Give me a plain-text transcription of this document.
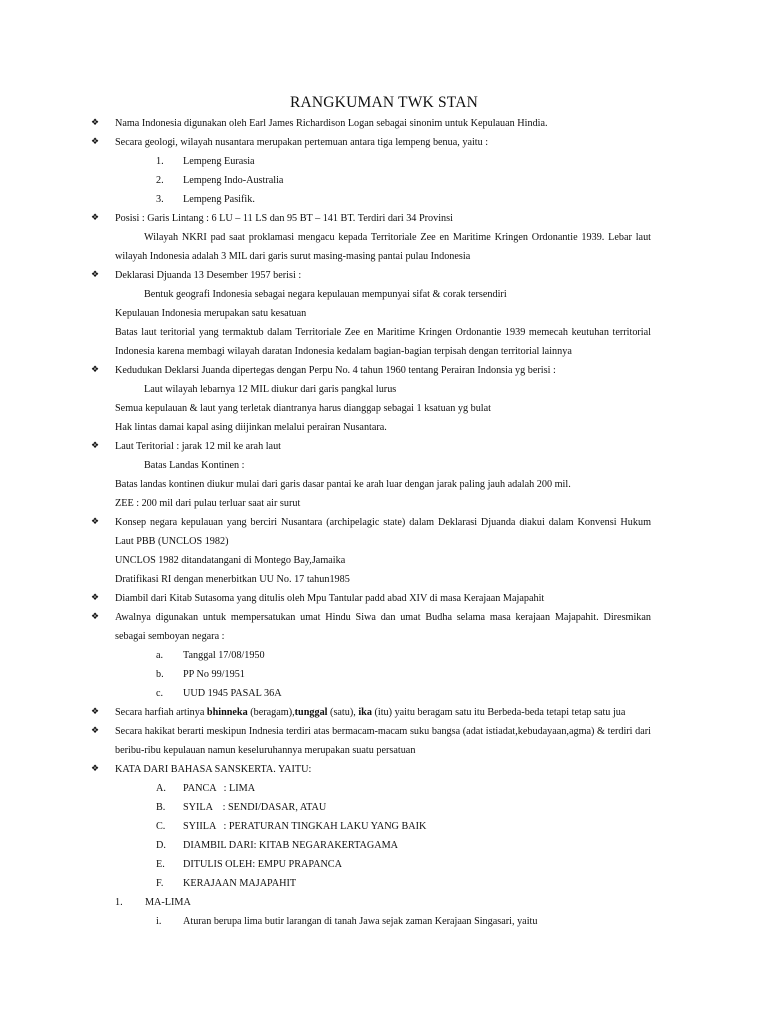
RANGKUMAN TWK STAN
❖ Nama Indonesia digunakan oleh Earl James Richardison Logan sebagai sinonim untuk Kepulauan Hindia.
❖ Secara geologi, wilayah nusantara merupakan pertemuan antara tiga lempeng benua, yaitu :
1.	Lempeng Eurasia
2.	Lempeng Indo-Australia
3.	Lempeng Pasifik.
❖ Posisi : Garis Lintang : 6 LU – 11 LS dan 95 BT – 141 BT. Terdiri dari 34 Provinsi
Wilayah NKRI pad saat proklamasi mengacu kepada Territoriale Zee en Maritime Kringen Ordonantie 1939. Lebar laut wilayah Indonesia adalah 3 MIL dari garis surut masing-masing pantai pulau Indonesia
❖ Deklarasi Djuanda 13 Desember 1957 berisi :
Bentuk geografi Indonesia sebagai negara kepulauan mempunyai sifat & corak tersendiri
Kepulauan Indonesia merupakan satu kesatuan
Batas laut teritorial yang termaktub dalam Territoriale Zee en Maritime Kringen Ordonantie 1939 memecah keutuhan territorial Indonesia karena membagi wilayah daratan Indonesia kedalam bagian-bagian terpisah dengan territorial lainnya
❖ Kedudukan Deklarsi Juanda dipertegas dengan Perpu No. 4 tahun 1960 tentang Perairan Indonsia yg berisi :
Laut wilayah lebarnya 12 MIL diukur dari garis pangkal lurus
Semua kepulauan & laut yang terletak diantranya harus dianggap sebagai 1 ksatuan yg bulat
Hak lintas damai kapal asing diijinkan melalui perairan Nusantara.
❖ Laut Teritorial : jarak 12 mil ke arah laut
Batas Landas Kontinen :
Batas landas kontinen diukur mulai dari garis dasar pantai ke arah luar dengan jarak paling jauh adalah 200 mil.
ZEE : 200 mil dari pulau terluar saat air surut
❖ Konsep negara kepulauan yang berciri Nusantara (archipelagic state) dalam Deklarasi Djuanda diakui dalam Konvensi Hukum Laut PBB (UNCLOS 1982)
UNCLOS 1982 ditandatangani di Montego Bay,Jamaika
Dratifikasi RI dengan menerbitkan UU No. 17 tahun1985
❖ Diambil dari Kitab Sutasoma yang ditulis oleh Mpu Tantular padd abad XIV di masa Kerajaan Majapahit
❖ Awalnya digunakan untuk mempersatukan umat Hindu Siwa dan umat Budha selama masa kerajaan Majapahit. Diresmikan sebagai semboyan negara :
a.	Tanggal 17/08/1950
b.	PP No 99/1951
c.	UUD 1945 PASAL 36A
❖ Secara harfiah artinya bhinneka (beragam),tunggal (satu), ika (itu) yaitu beragam satu itu Berbeda-beda tetapi tetap satu jua
❖ Secara hakikat berarti meskipun Indnesia terdiri atas bermacam-macam suku bangsa (adat istiadat,kebudayaan,agma) & terdiri dari beribu-ribu kepulauan namun keseluruhannya merupakan suatu persatuan
❖ KATA DARI BAHASA SANSKERTA. YAITU:
A.	PANCA   : LIMA
B.	SYILA    : SENDI/DASAR, ATAU
C.	SYIILA   : PERATURAN TINGKAH LAKU YANG BAIK
D.	DIAMBIL DARI: KITAB NEGARAKERTAGAMA
E.	DITULIS OLEH: EMPU PRAPANCA
F.	KERAJAAN MAJAPAHIT
1.	MA-LIMA
i.	Aturan berupa lima butir larangan di tanah Jawa sejak zaman Kerajaan Singasari, yaitu
